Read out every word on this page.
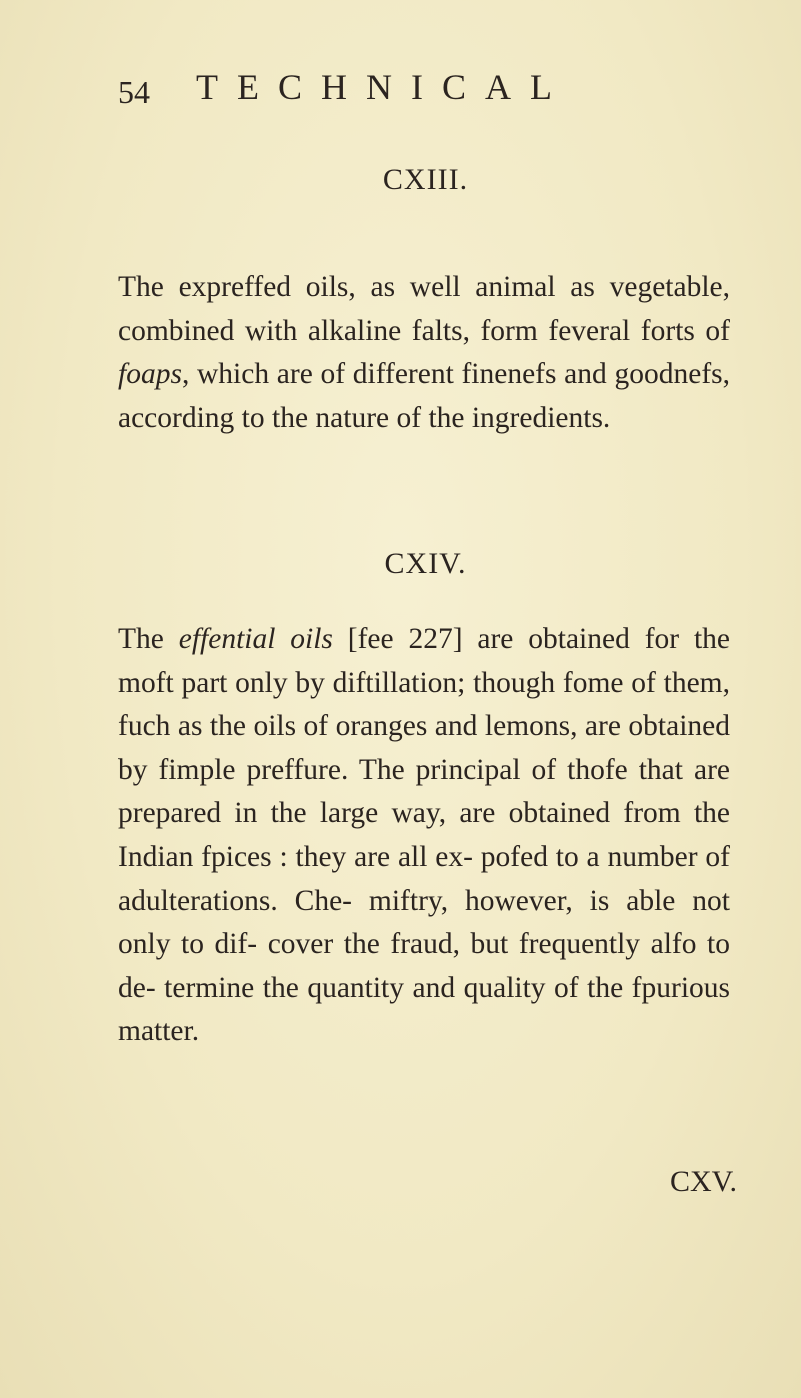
54 TECHNICAL
CXIII.

The expreffed oils, as well animal as vegetable, combined with alkaline falts, form feveral forts of foaps, which are of different finenefs and goodnefs, according to the nature of the ingredients.

CXIV.

The effential oils [fee 227] are obtained for the moft part only by diftillation; though fome of them, fuch as the oils of oranges and lemons, are obtained by fimple preffure. The principal of thofe that are prepared in the large way, are obtained from the Indian fpices : they are all ex- pofed to a number of adulterations. Che- miftry, however, is able not only to dif- cover the fraud, but frequently alfo to de- termine the quantity and quality of the fpurious matter.

CXV.
